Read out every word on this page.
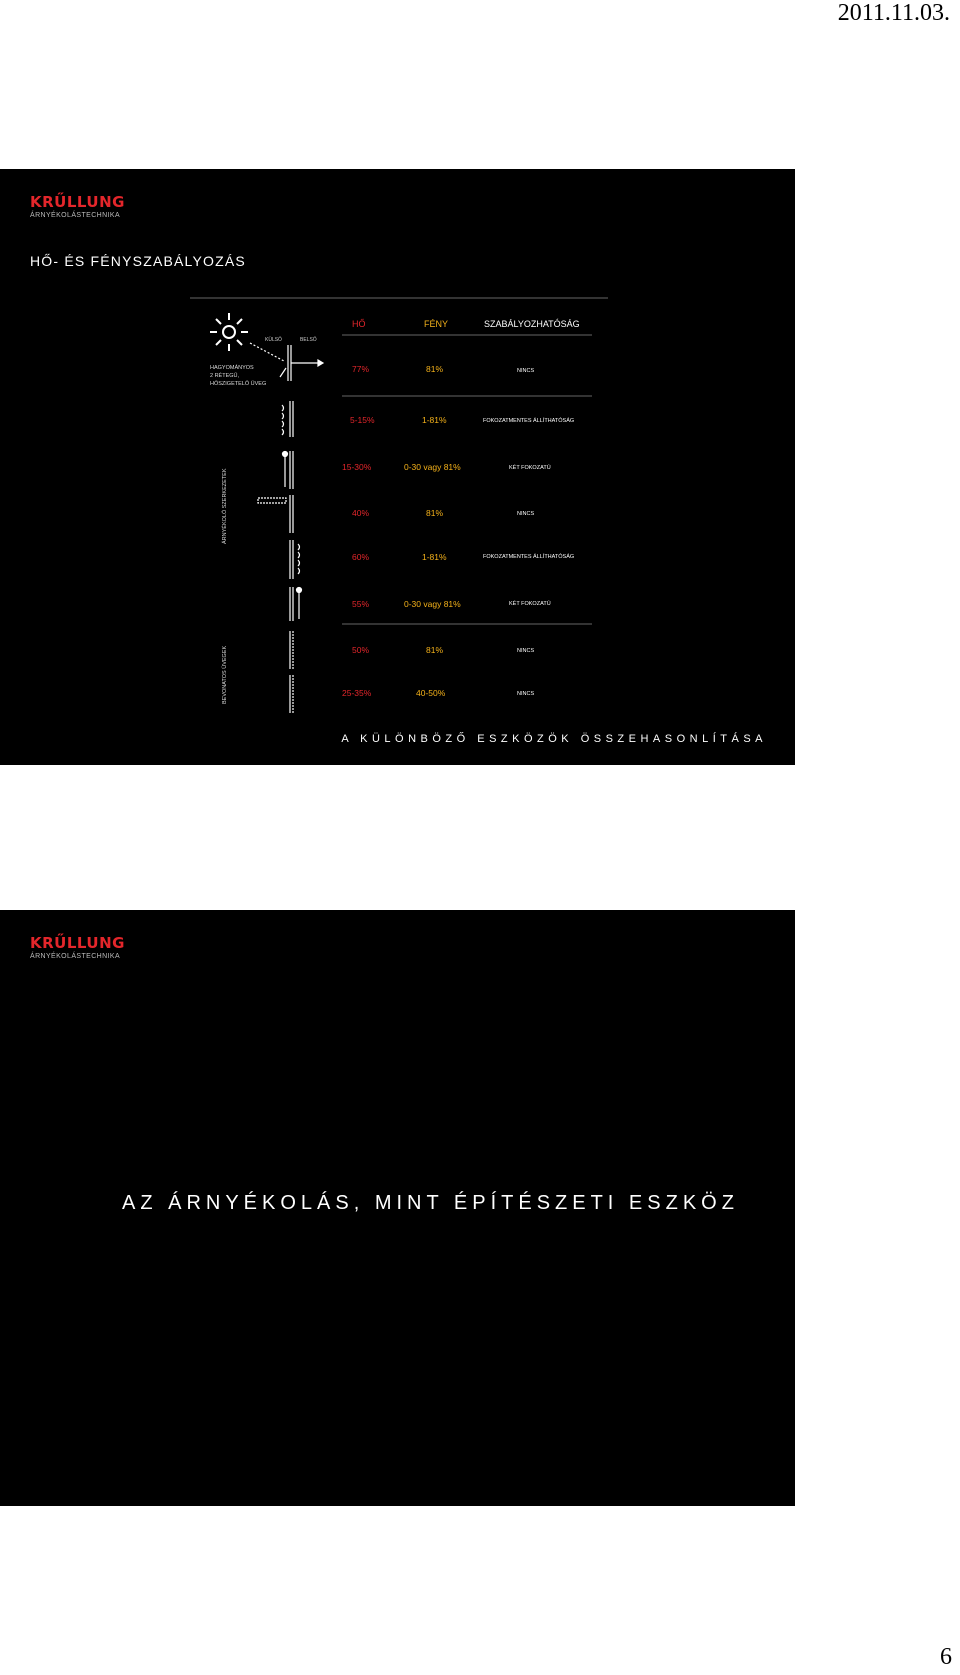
2011.11.03.
KRŰLLUNG
ÁRNYÉKOLÁSTECHNIKA
HŐ- ÉS FÉNYSZABÁLYOZÁS
KÜLSŐ	BELSŐ
HAGYOMÁNYOS
2 RÉTEGŰ,
HŐSZIGETELŐ ÜVEG
ÁRNYÉKOLÓ SZERKEZETEK
BEVONATOS ÜVEGEK
HŐ	FÉNY	SZABÁLYOZHATÓSÁG
77%	81%	NINCS
5-15%	1-81%	FOKOZATMENTES ÁLLÍTHATÓSÁG
15-30%	0-30 vagy 81%	KÉT FOKOZATÚ
40%	81%	NINCS
60%	1-81%	FOKOZATMENTES ÁLLÍTHATÓSÁG
55%	0-30 vagy 81%	KÉT FOKOZATÚ
50%	81%	NINCS
25-35%	40-50%	NINCS
A KÜLÖNBÖZŐ ESZKÖZÖK ÖSSZEHASONLÍTÁSA
KRŰLLUNG
ÁRNYÉKOLÁSTECHNIKA
AZ ÁRNYÉKOLÁS, MINT ÉPÍTÉSZETI ESZKÖZ
6
